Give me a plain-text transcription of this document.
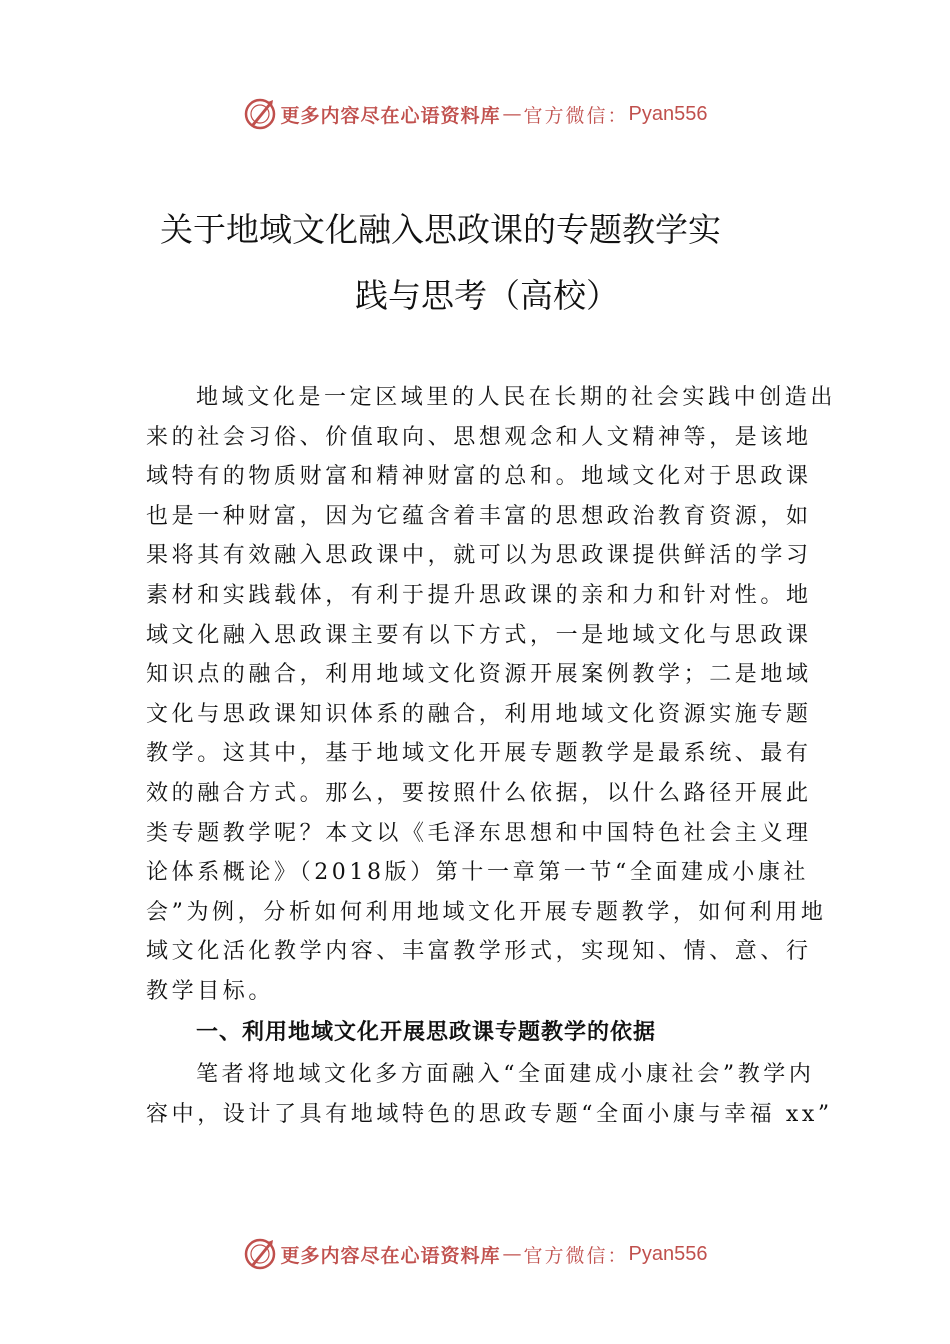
更多内容尽在心语资料库 — 官方微信： Pyan556
关于地域文化融入思政课的专题教学实
践与思考（高校）
地域文化是一定区域里的人民在长期的社会实践中创造出来的社会习俗、价值取向、思想观念和人文精神等，是该地域特有的物质财富和精神财富的总和。地域文化对于思政课也是一种财富，因为它蕴含着丰富的思想政治教育资源，如果将其有效融入思政课中，就可以为思政课提供鲜活的学习素材和实践载体，有利于提升思政课的亲和力和针对性。地域文化融入思政课主要有以下方式，一是地域文化与思政课知识点的融合，利用地域文化资源开展案例教学；二是地域文化与思政课知识体系的融合，利用地域文化资源实施专题教学。这其中，基于地域文化开展专题教学是最系统、最有效的融合方式。那么，要按照什么依据，以什么路径开展此类专题教学呢？本文以《毛泽东思想和中国特色社会主义理论体系概论》（2018版）第十一章第一节“全面建成小康社会”为例，分析如何利用地域文化开展专题教学，如何利用地域文化活化教学内容、丰富教学形式，实现知、情、意、行教学目标。
一、利用地域文化开展思政课专题教学的依据
笔者将地域文化多方面融入“全面建成小康社会”教学内容中，设计了具有地域特色的思政专题“全面小康与幸福 xx”
更多内容尽在心语资料库 — 官方微信： Pyan556
